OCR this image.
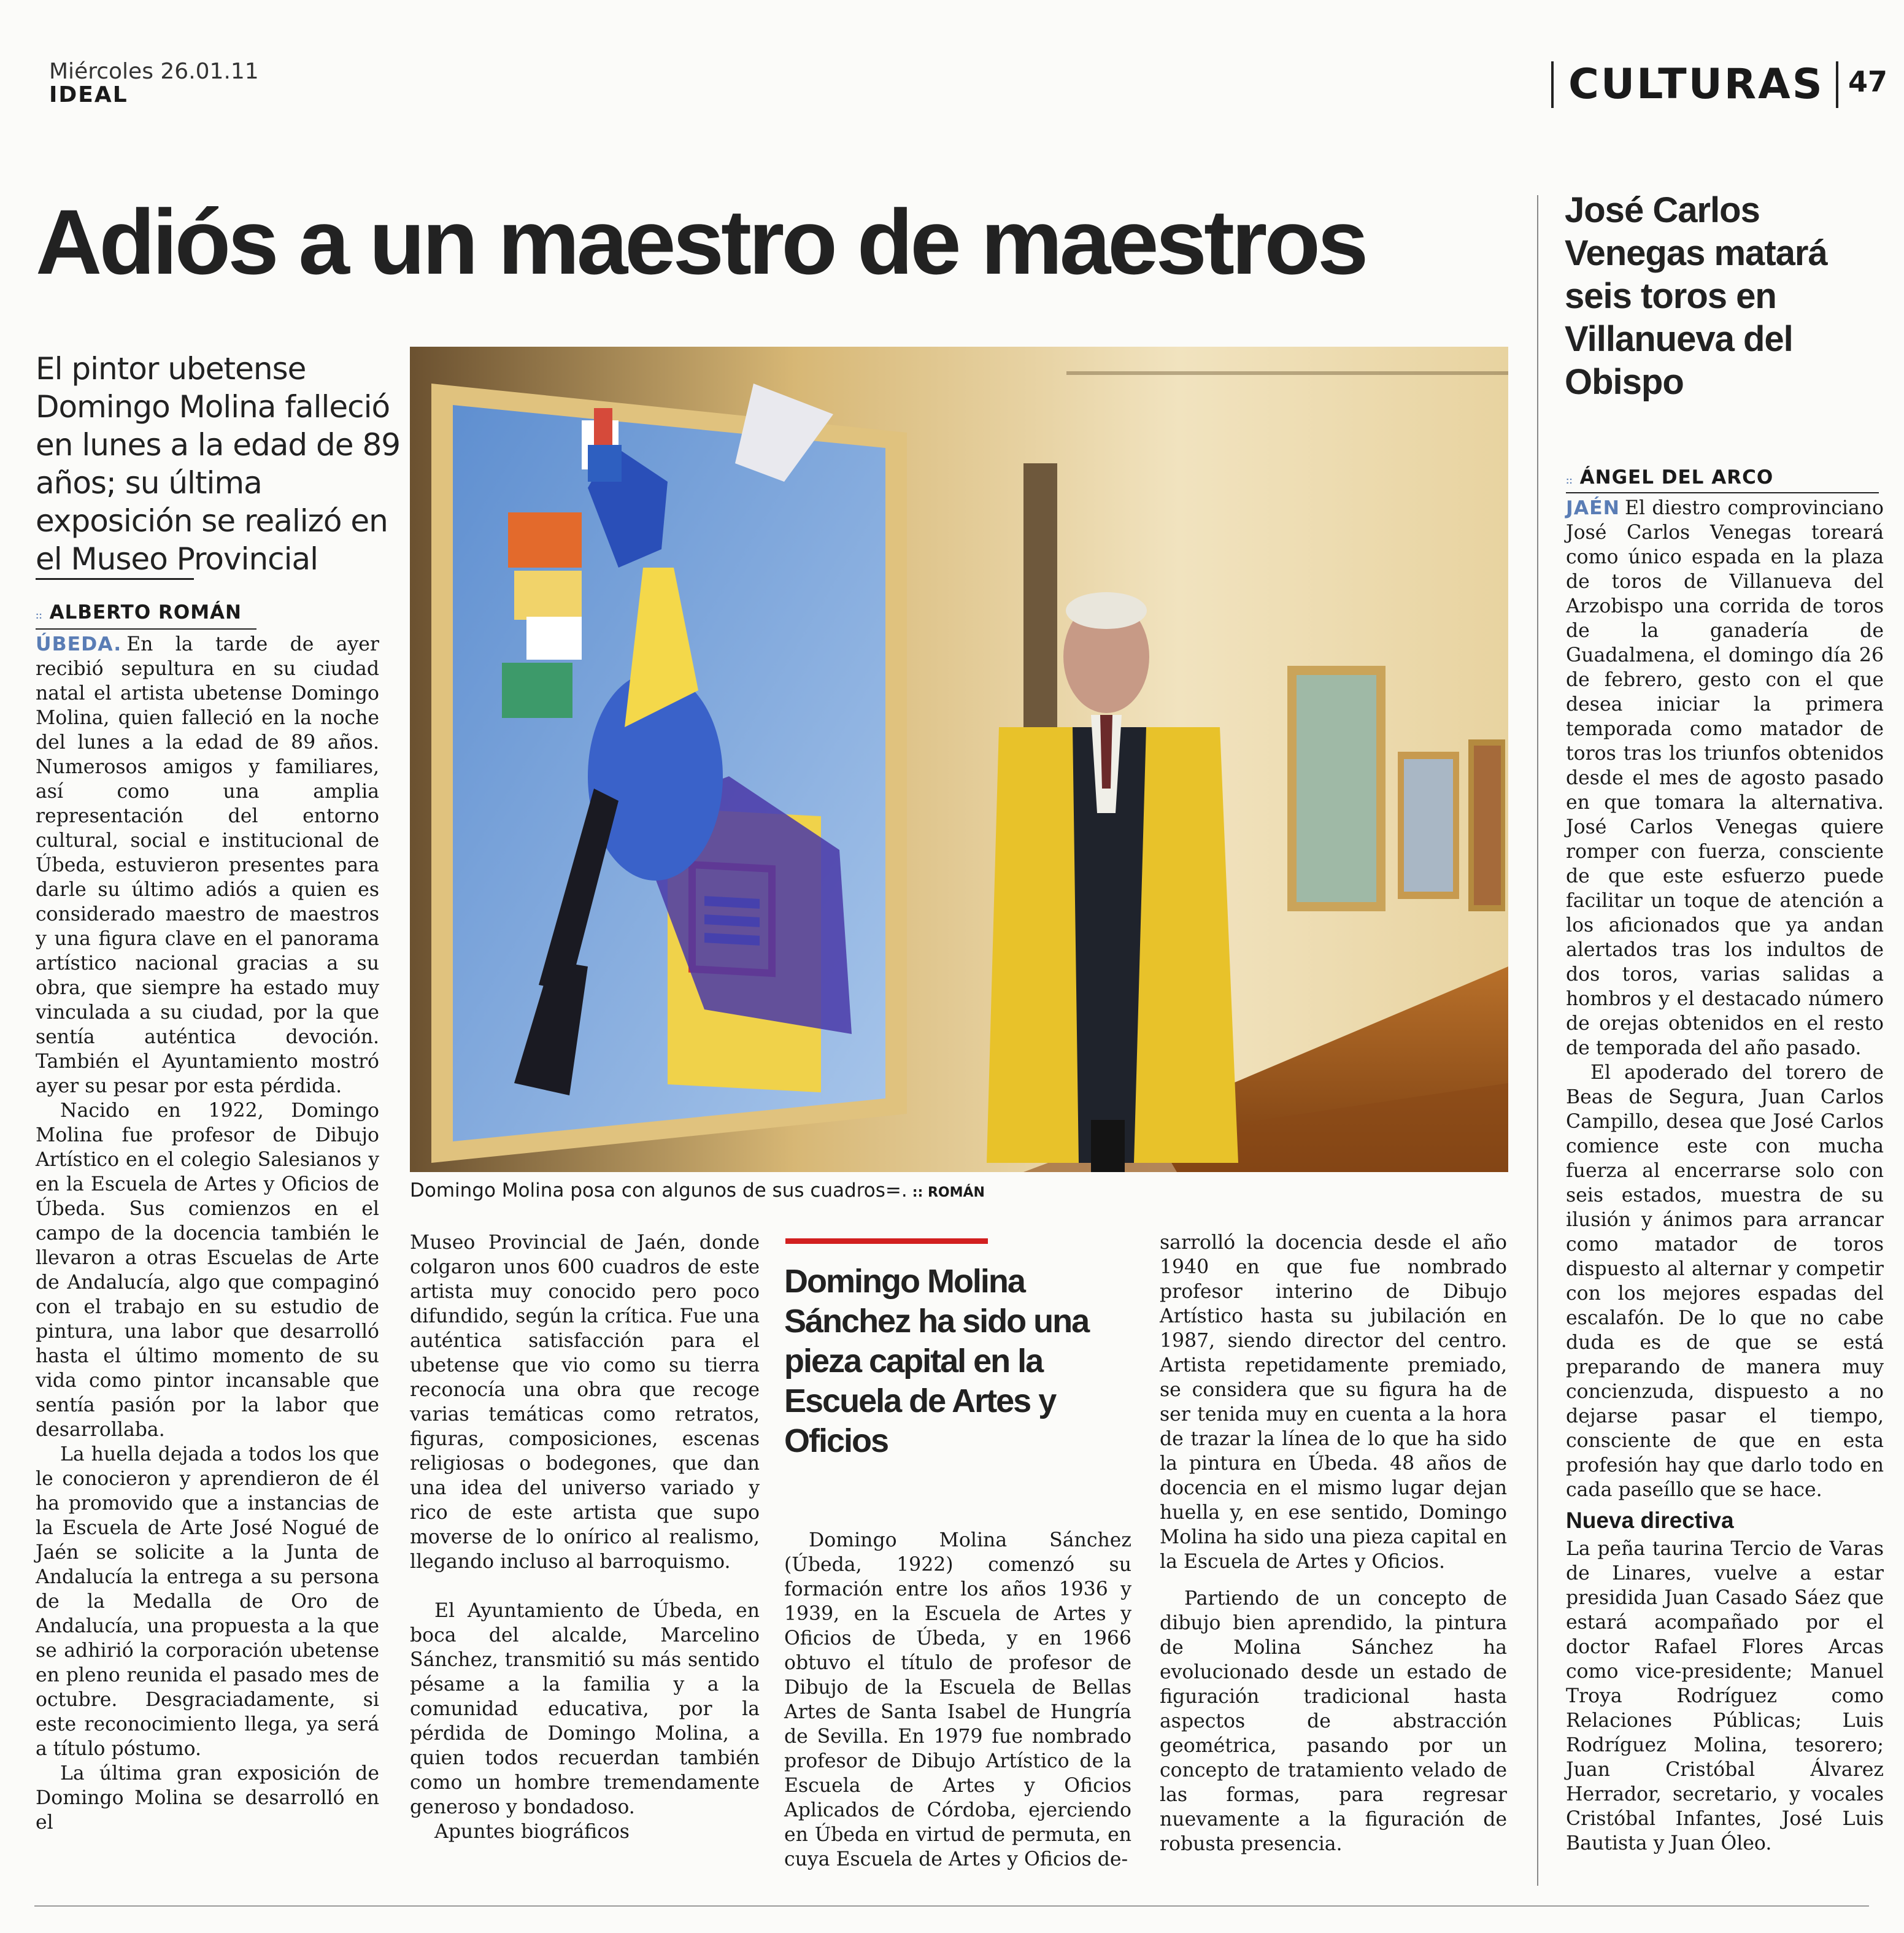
Miércoles 26.01.11
IDEAL	CULTURAS 47
Adiós a un maestro de maestros
El pintor ubetense Domingo Molina falleció en lunes a la edad de 89 años; su última exposición se realizó en el Museo Provincial
:: ALBERTO ROMÁN

ÚBEDA. En la tarde de ayer recibió sepultura en su ciudad natal el artista ubetense Domingo Molina, quien falleció en la noche del lunes a la edad de 89 años. Numerosos amigos y familiares, así como una amplia representación del entorno cultural, social e institucional de Úbeda, estuvieron presentes para darle su último adiós a quien es considerado maestro de maestros y una figura clave en el panorama artístico nacional gracias a su obra, que siempre ha estado muy vinculada a su ciudad, por la que sentía auténtica devoción. También el Ayuntamiento mostró ayer su pesar por esta pérdida.

Nacido en 1922, Domingo Molina fue profesor de Dibujo Artístico en el colegio Salesianos y en la Escuela de Artes y Oficios de Úbeda. Sus comienzos en el campo de la docencia también le llevaron a otras Escuelas de Arte de Andalucía, algo que compaginó con el trabajo en su estudio de pintura, una labor que desarrolló hasta el último momento de su vida como pintor incansable que sentía pasión por la labor que desarrollaba.

La huella dejada a todos los que le conocieron y aprendieron de él ha promovido que a instancias de la Escuela de Arte José Nogué de Jaén se solicite a la Junta de Andalucía la entrega a su persona de la Medalla de Oro de Andalucía, una propuesta a la que se adhirió la corporación ubetense en pleno reunida el pasado mes de octubre. Desgraciadamente, si este reconocimiento llega, ya será a título póstumo.

La última gran exposición de Domingo Molina se desarrolló en el

Domingo Molina posa con algunos de sus cuadros=. :: ROMÁN

Museo Provincial de Jaén, donde colgaron unos 600 cuadros de este artista muy conocido pero poco difundido, según la crítica. Fue una auténtica satisfacción para el ubetense que vio como su tierra reconocía una obra que recoge varias temáticas como retratos, figuras, composiciones, escenas religiosas o bodegones, que dan una idea del universo variado y rico de este artista que supo moverse de lo onírico al realismo, llegando incluso al barroquismo.

El Ayuntamiento de Úbeda, en boca del alcalde, Marcelino Sánchez, transmitió su más sentido pésame a la familia y a la comunidad educativa, por la pérdida de Domingo Molina, a quien todos recuerdan también como un hombre tremendamente generoso y bondadoso.

Apuntes biográficos

Domingo Molina Sánchez ha sido una pieza capital en la Escuela de Artes y Oficios
Domingo Molina Sánchez (Úbeda, 1922) comenzó su formación entre los años 1936 y 1939, en la Escuela de Artes y Oficios de Úbeda, y en 1966 obtuvo el título de profesor de Dibujo de la Escuela de Bellas Artes de Santa Isabel de Hungría de Sevilla. En 1979 fue nombrado profesor de Dibujo Artístico de la Escuela de Artes y Oficios Aplicados de Córdoba, ejerciendo en Úbeda en virtud de permuta, en cuya Escuela de Artes y Oficios de-

sarrolló la docencia desde el año 1940 en que fue nombrado profesor interino de Dibujo Artístico hasta su jubilación en 1987, siendo director del centro. Artista repetidamente premiado, se considera que su figura ha de ser tenida muy en cuenta a la hora de trazar la línea de lo que ha sido la pintura en Úbeda. 48 años de docencia en el mismo lugar dejan huella y, en ese sentido, Domingo Molina ha sido una pieza capital en la Escuela de Artes y Oficios.

Partiendo de un concepto de dibujo bien aprendido, la pintura de Molina Sánchez ha evolucionado desde un estado de figuración tradicional hasta aspectos de abstracción geométrica, pasando por un concepto de tratamiento velado de las formas, para regresar nuevamente a la figuración de robusta presencia.

José Carlos Venegas matará seis toros en Villanueva del Obispo
:: ÁNGEL DEL ARCO

JAÉN El diestro comprovinciano José Carlos Venegas toreará como único espada en la plaza de toros de Villanueva del Arzobispo una corrida de toros de la ganadería de Guadalmena, el domingo día 26 de febrero, gesto con el que desea iniciar la primera temporada como matador de toros tras los triunfos obtenidos desde el mes de agosto pasado en que tomara la alternativa. José Carlos Venegas quiere romper con fuerza, consciente de que este esfuerzo puede facilitar un toque de atención a los aficionados que ya andan alertados tras los indultos de dos toros, varias salidas a hombros y el destacado número de orejas obtenidos en el resto de temporada del año pasado.

El apoderado del torero de Beas de Segura, Juan Carlos Campillo, desea que José Carlos comience este con mucha fuerza al encerrarse solo con seis estados, muestra de su ilusión y ánimos para arrancar como matador de toros dispuesto al alternar y competir con los mejores espadas del escalafón. De lo que no cabe duda es de que se está preparando de manera muy concienzuda, dispuesto a no dejarse pasar el tiempo, consciente de que en esta profesión hay que darlo todo en cada paseíllo que se hace.

Nueva directiva

La peña taurina Tercio de Varas de Linares, vuelve a estar presidida Juan Casado Sáez que estará acompañado por el doctor Rafael Flores Arcas como vice-presidente; Manuel Troya Rodríguez como Relaciones Públicas; Luis Rodríguez Molina, tesorero; Juan Cristóbal Álvarez Herrador, secretario, y vocales Cristóbal Infantes, José Luis Bautista y Juan Óleo.
